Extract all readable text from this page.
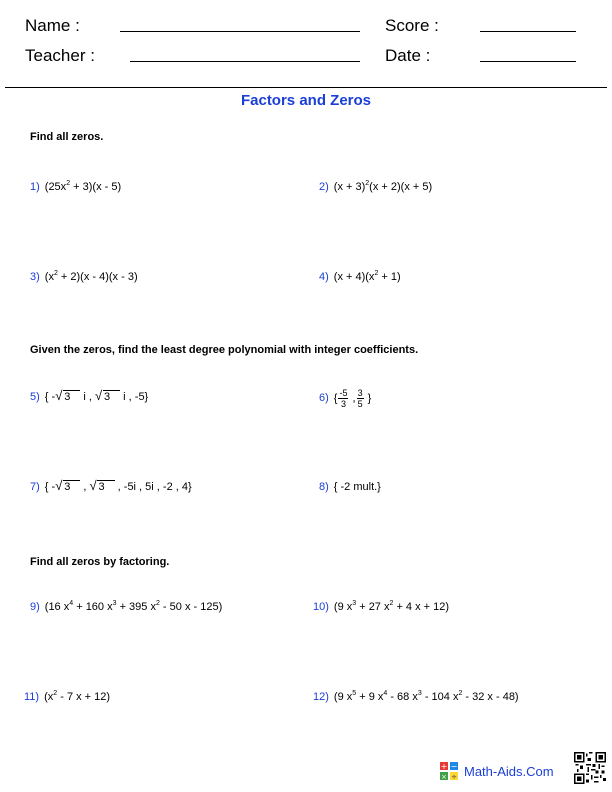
Name :	Score :
Teacher :	Date :
Factors and Zeros
Find all zeros.
1) $(25x^2 + 3)(x - 5)$	2) $(x + 3)^2(x + 2)(x + 5)$
3) $(x^2 + 2)(x - 4)(x - 3)$	4) $(x + 4)(x^2 + 1)$
Given the zeros, find the least degree polynomial with integer coefficients.
5) { - √ 3 i , √ 3 i , -5}	6) { $\frac{-5}{3}$ , $\frac{3}{5}$ }
7) { - √ 3 , √ 3 , -5i , 5i , -2 , 4}	8) { -2 mult.}
Find all zeros by factoring.
9) (16 $x^4 + 160$ $x^3 + 395$ $x^2 - 50$ x - 125)	10) (9 $x^3 + 27$ $x^2 + 4$ x + 12)
11) ($x^2 - 7$ x + 12)	12) (9 $x^5 + 9$ $x^4 - 68$ $x^3 - 104$ $x^2 - 32$ x - 48)
+ −
× ÷ Math-Aids.Com
